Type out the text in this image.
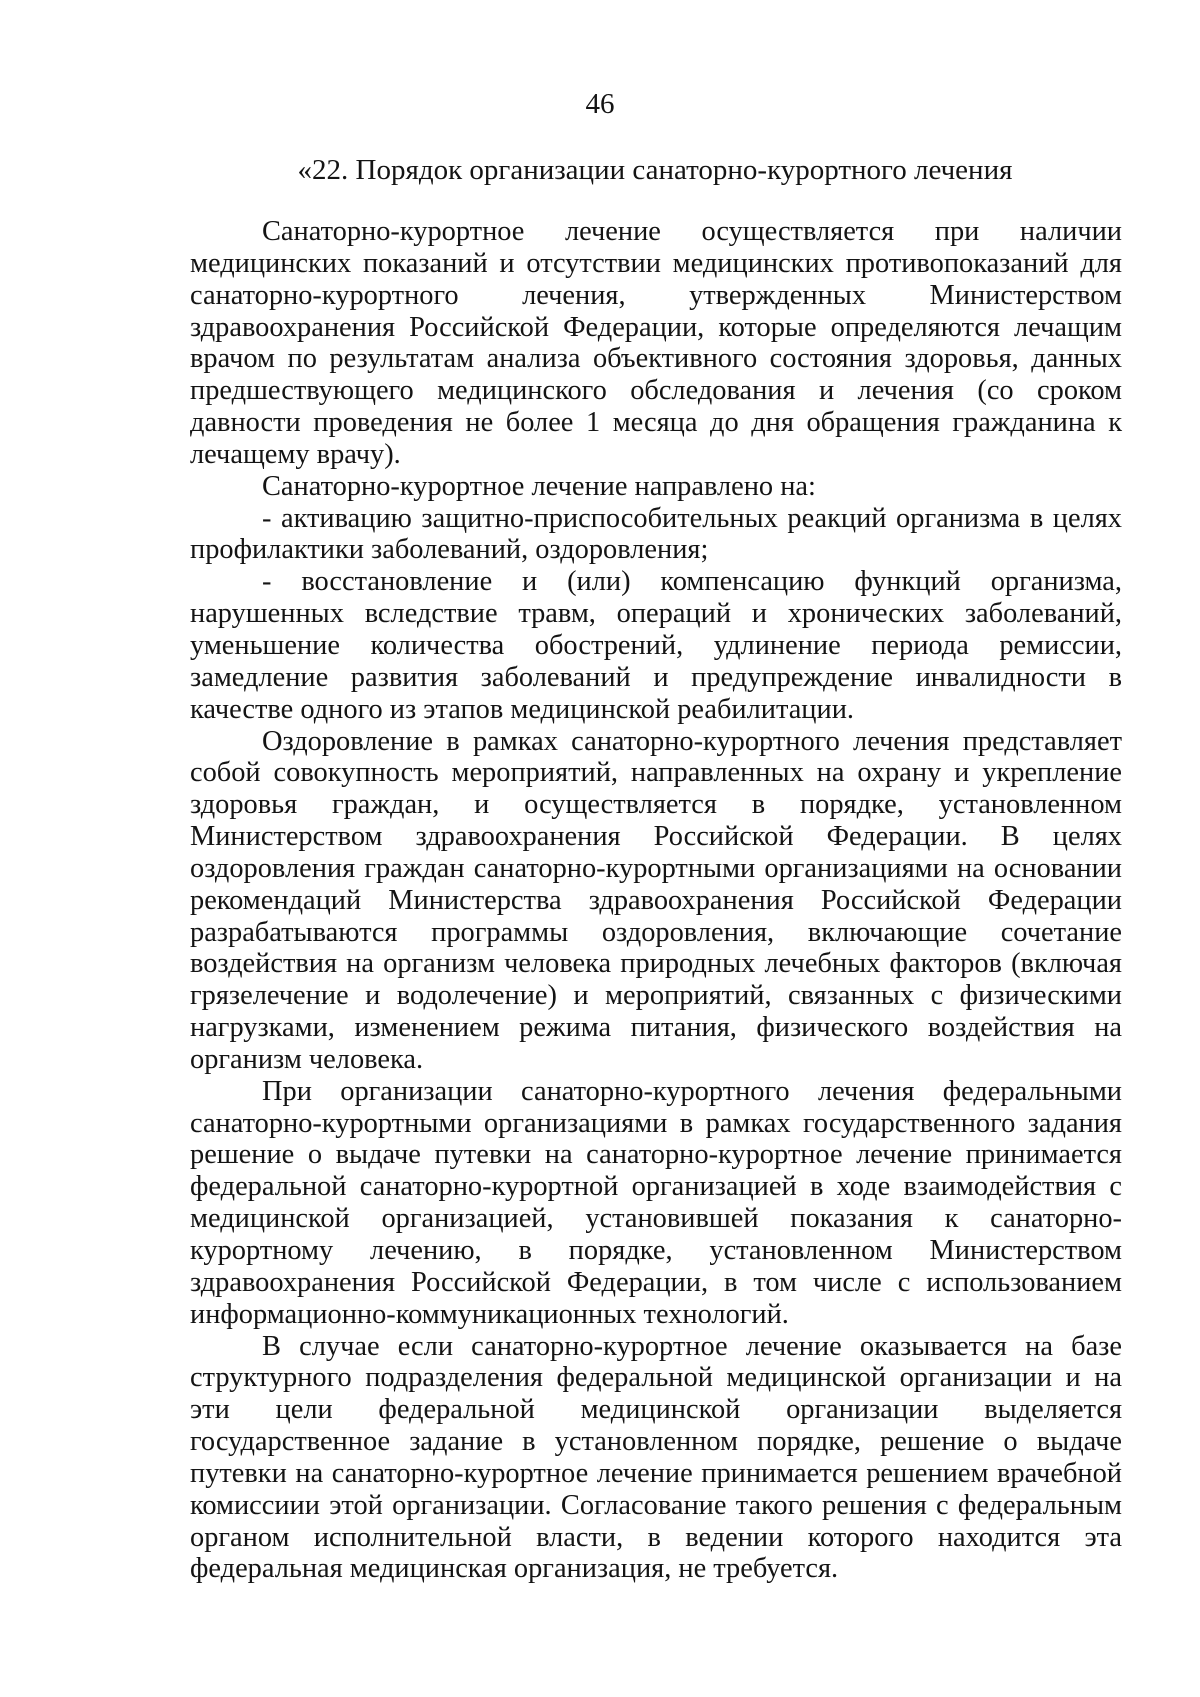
46
«22. Порядок организации санаторно-курортного лечения

Санаторно-курортное лечение осуществляется при наличии медицинских показаний и отсутствии медицинских противопоказаний для санаторно-курортного лечения, утвержденных Министерством здравоохранения Российской Федерации, которые определяются лечащим врачом по результатам анализа объективного состояния здоровья, данных предшествующего медицинского обследования и лечения (со сроком давности проведения не более 1 месяца до дня обращения гражданина к лечащему врачу).

Санаторно-курортное лечение направлено на:

- активацию защитно-приспособительных реакций организма в целях профилактики заболеваний, оздоровления;

- восстановление и (или) компенсацию функций организма, нарушенных вследствие травм, операций и хронических заболеваний, уменьшение количества обострений, удлинение периода ремиссии, замедление развития заболеваний и предупреждение инвалидности в качестве одного из этапов медицинской реабилитации.

Оздоровление в рамках санаторно-курортного лечения представляет собой совокупность мероприятий, направленных на охрану и укрепление здоровья граждан, и осуществляется в порядке, установленном Министерством здравоохранения Российской Федерации. В целях оздоровления граждан санаторно-курортными организациями на основании рекомендаций Министерства здравоохранения Российской Федерации разрабатываются программы оздоровления, включающие сочетание воздействия на организм человека природных лечебных факторов (включая грязелечение и водолечение) и мероприятий, связанных с физическими нагрузками, изменением режима питания, физического воздействия на организм человека.

При организации санаторно-курортного лечения федеральными санаторно-курортными организациями в рамках государственного задания решение о выдаче путевки на санаторно-курортное лечение принимается федеральной санаторно-курортной организацией в ходе взаимодействия с медицинской организацией, установившей показания к санаторно-курортному лечению, в порядке, установленном Министерством здравоохранения Российской Федерации, в том числе с использованием информационно-коммуникационных технологий.

В случае если санаторно-курортное лечение оказывается на базе структурного подразделения федеральной медицинской организации и на эти цели федеральной медицинской организации выделяется государственное задание в установленном порядке, решение о выдаче путевки на санаторно-курортное лечение принимается решением врачебной комиссиии этой организации. Согласование такого решения с федеральным органом исполнительной власти, в ведении которого находится эта федеральная медицинская организация, не требуется.
